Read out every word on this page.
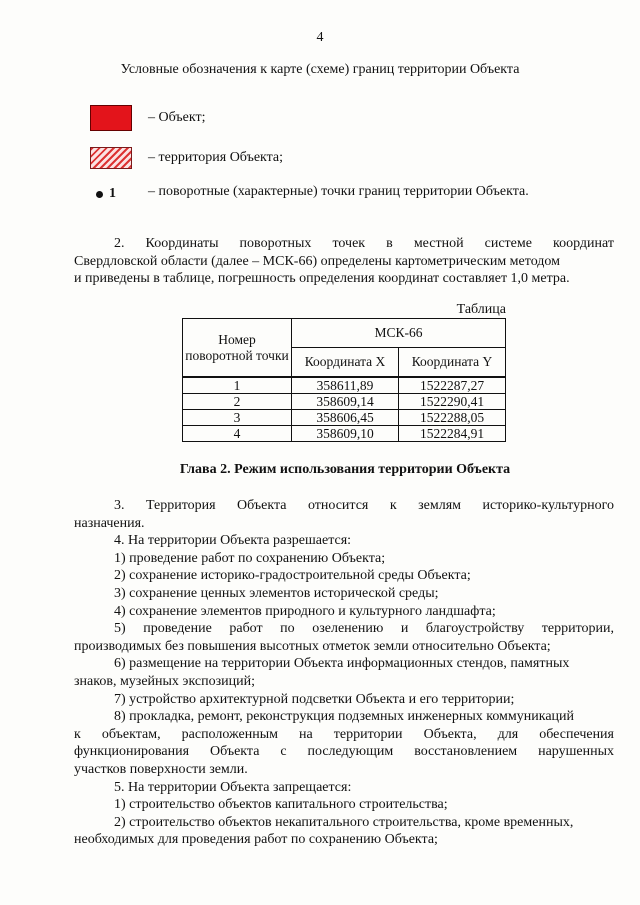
4
Условные обозначения к карте (схеме) границ территории Объекта
– Объект;
– территория Объекта;
1 – поворотные (характерные) точки границ территории Объекта.
2. Координаты поворотных точек в местной системе координат
Свердловской области (далее – МСК-66) определены картометрическим методом
и приведены в таблице, погрешность определения координат составляет 1,0 метра.
Таблица
Номер поворотной точки	МСК-66	
	Координата X	Координата Y
1	358611,89	1522287,27
2	358609,14	1522290,41
3	358606,45	1522288,05
4	358609,10	1522284,91
Глава 2. Режим использования территории Объекта
3. Территория Объекта относится к землям историко-культурного
назначения.
4. На территории Объекта разрешается:
1) проведение работ по сохранению Объекта;
2) сохранение историко-градостроительной среды Объекта;
3) сохранение ценных элементов исторической среды;
4) сохранение элементов природного и культурного ландшафта;
5) проведение работ по озеленению и благоустройству территории,
производимых без повышения высотных отметок земли относительно Объекта;
6) размещение на территории Объекта информационных стендов, памятных
знаков, музейных экспозиций;
7) устройство архитектурной подсветки Объекта и его территории;
8) прокладка, ремонт, реконструкция подземных инженерных коммуникаций
к объектам, расположенным на территории Объекта, для обеспечения
функционирования Объекта с последующим восстановлением нарушенных
участков поверхности земли.
5. На территории Объекта запрещается:
1) строительство объектов капитального строительства;
2) строительство объектов некапитального строительства, кроме временных,
необходимых для проведения работ по сохранению Объекта;
